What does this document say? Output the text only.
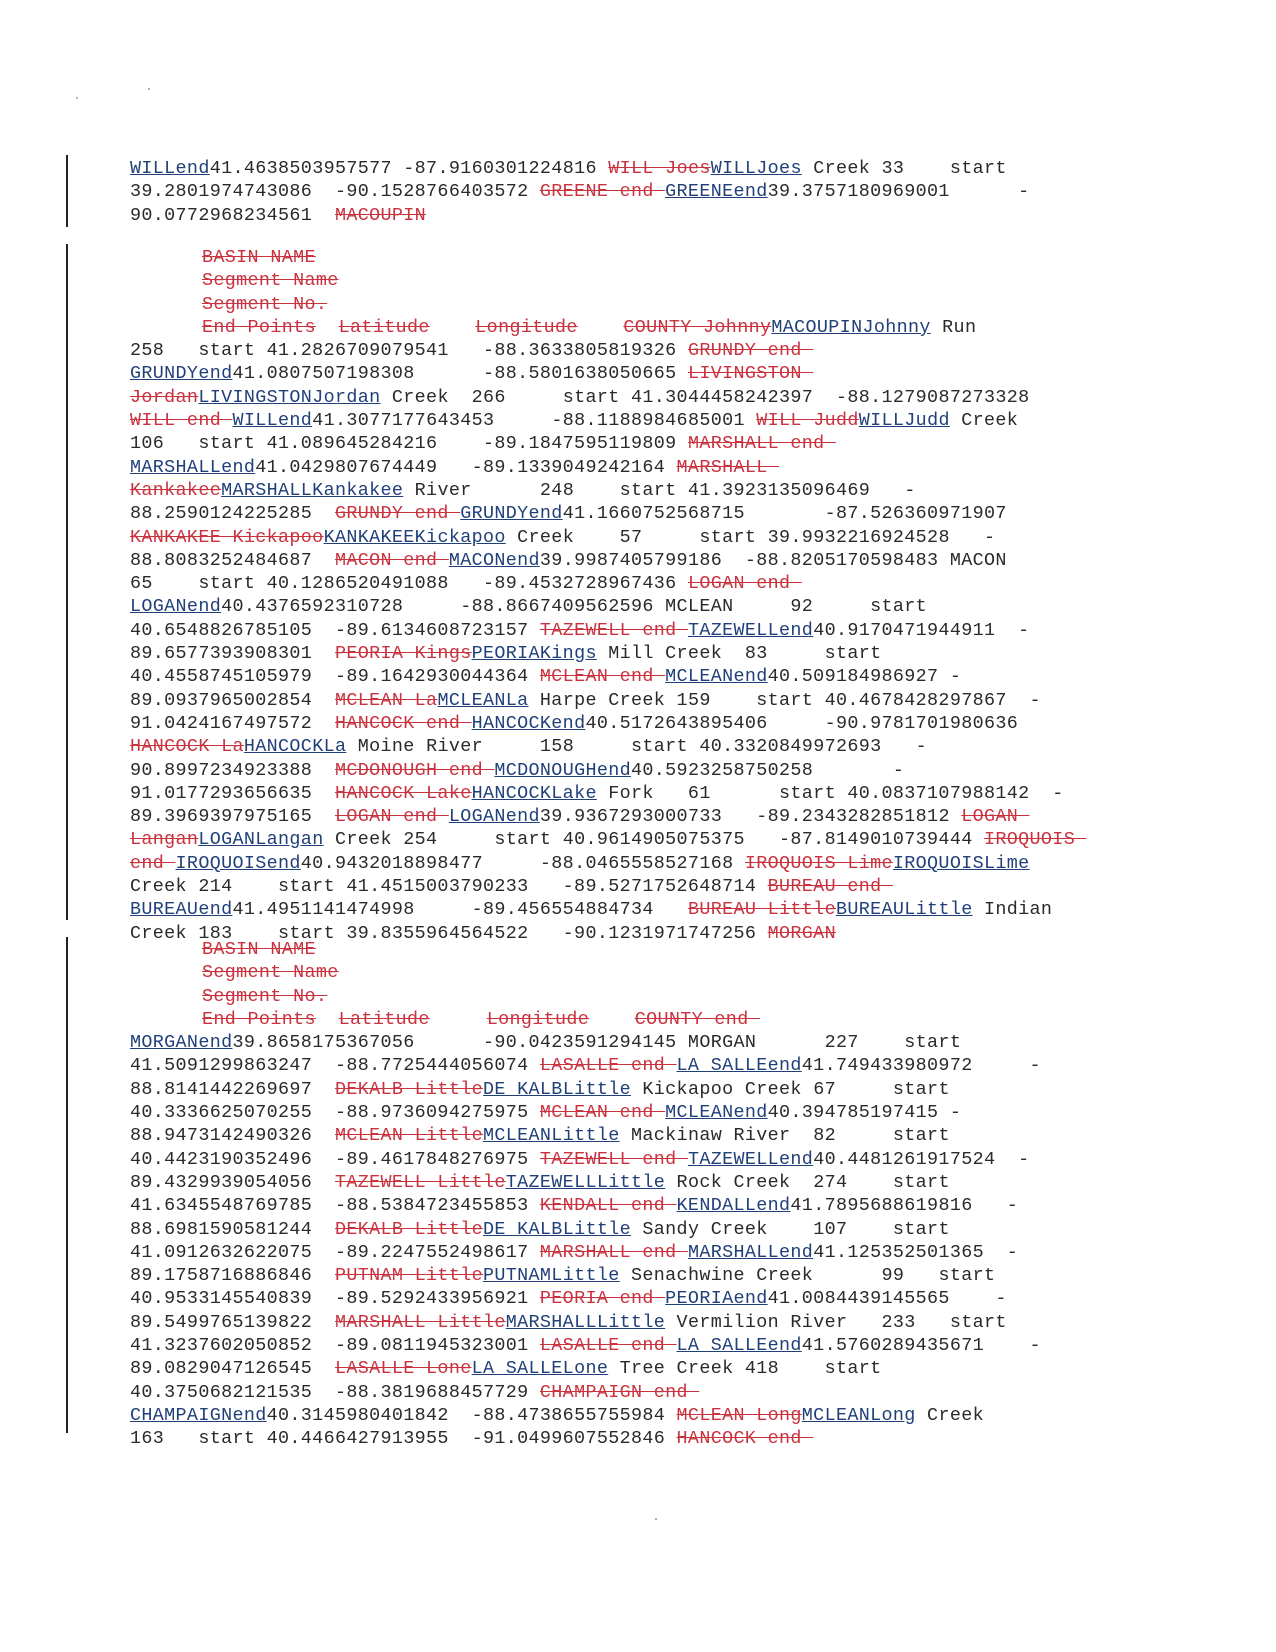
WILLend41.4638503957577 -87.9160301224816 WILL JoesWILLJoes Creek 33    start
39.2801974743086  -90.1528766403572 GREENE end GREENEend39.3757180969001      -
90.0772968234561  MACOUPIN
BASIN NAME
Segment Name
Segment No.
End Points Latitude Longitude COUNTY JohnnyMACOUPINJohnny Run
258   start 41.2826709079541   -88.3633805819326 GRUNDY end
GRUNDYend41.0807507198308      -88.5801638050665 LIVINGSTON
JordanLIVINGSTONJordan Creek  266     start 41.3044458242397  -88.1279087273328
WILL end WILLend41.3077177643453     -88.1188984685001 WILL JuddWILLJudd Creek
106   start 41.089645284216    -89.1847595119809 MARSHALL end
MARSHALLend41.0429807674449   -89.1339049242164 MARSHALL
KankakeeMARSHALLKankakee River      248    start 41.3923135096469   -
88.2590124225285  GRUNDY end GRUNDYend41.1660752568715       -87.526360971907
KANKAKEE KickapooKANKAKEEKickapoo Creek    57     start 39.9932216924528   -
88.8083252484687  MACON end MACONend39.9987405799186  -88.8205170598483 MACON
65    start 40.1286520491088   -89.4532728967436 LOGAN end
LOGANend40.4376592310728     -88.8667409562596 MCLEAN     92     start
40.6548826785105  -89.6134608723157 TAZEWELL end TAZEWELLend40.9170471944911  -
89.6577393908301  PEORIA KingsPEORIAKings Mill Creek  83     start
40.4558745105979  -89.1642930044364 MCLEAN end MCLEANend40.509184986927 -
89.0937965002854  MCLEAN LaMCLEANLa Harpe Creek 159    start 40.4678428297867  -
91.0424167497572  HANCOCK end HANCOCKend40.5172643895406     -90.9781701980636
HANCOCK LaHANCOCKLa Moine River     158     start 40.3320849972693   -
90.8997234923388  MCDONOUGH end MCDONOUGHend40.5923258750258       -
91.0177293656635  HANCOCK LakeHANCOCKLake Fork   61      start 40.0837107988142  -
89.3969397975165  LOGAN end LOGANend39.9367293000733   -89.2343282851812 LOGAN
LanganLOGANLangan Creek 254     start 40.9614905075375   -87.8149010739444 IROQUOIS
end IROQUOISend40.9432018898477     -88.0465558527168 IROQUOIS LimeIROQUOISLime
Creek 214    start 41.4515003790233   -89.5271752648714 BUREAU end
BUREAUend41.4951141474998     -89.456554884734   BUREAU LittleBUREAULittle Indian
Creek 183    start 39.8355964564522   -90.1231971747256 MORGAN
BASIN NAME
Segment Name
Segment No.
End Points Latitude	Longitude COUNTY end
MORGANend39.8658175367056      -90.0423591294145 MORGAN      227    start
41.5091299863247  -88.7725444056074 LASALLE end LA SALLEend41.749433980972     -
88.8141442269697  DEKALB LittleDE KALBLittle Kickapoo Creek 67     start
40.3336625070255  -88.9736094275975 MCLEAN end MCLEANend40.394785197415 -
88.9473142490326  MCLEAN LittleMCLEANLittle Mackinaw River  82     start
40.4423190352496  -89.4617848276975 TAZEWELL end TAZEWELLend40.4481261917524  -
89.4329939054056  TAZEWELL LittleTAZEWELLLittle Rock Creek  274    start
41.6345548769785  -88.5384723455853 KENDALL end KENDALLend41.7895688619816   -
88.6981590581244  DEKALB LittleDE KALBLittle Sandy Creek    107    start
41.0912632622075  -89.2247552498617 MARSHALL end MARSHALLend41.125352501365  -
89.1758716886846  PUTNAM LittlePUTNAMLittle Senachwine Creek      99   start
40.9533145540839  -89.5292433956921 PEORIA end PEORIAend41.0084439145565    -
89.5499765139822  MARSHALL LittleMARSHALLLittle Vermilion River   233   start
41.3237602050852  -89.0811945323001 LASALLE end LA SALLEend41.5760289435671    -
89.0829047126545  LASALLE LoneLA SALLELone Tree Creek 418    start
40.3750682121535  -88.3819688457729 CHAMPAIGN end
CHAMPAIGNend40.3145980401842  -88.4738655755984 MCLEAN LongMCLEANLong Creek
163   start 40.4466427913955  -91.0499607552846 HANCOCK end
